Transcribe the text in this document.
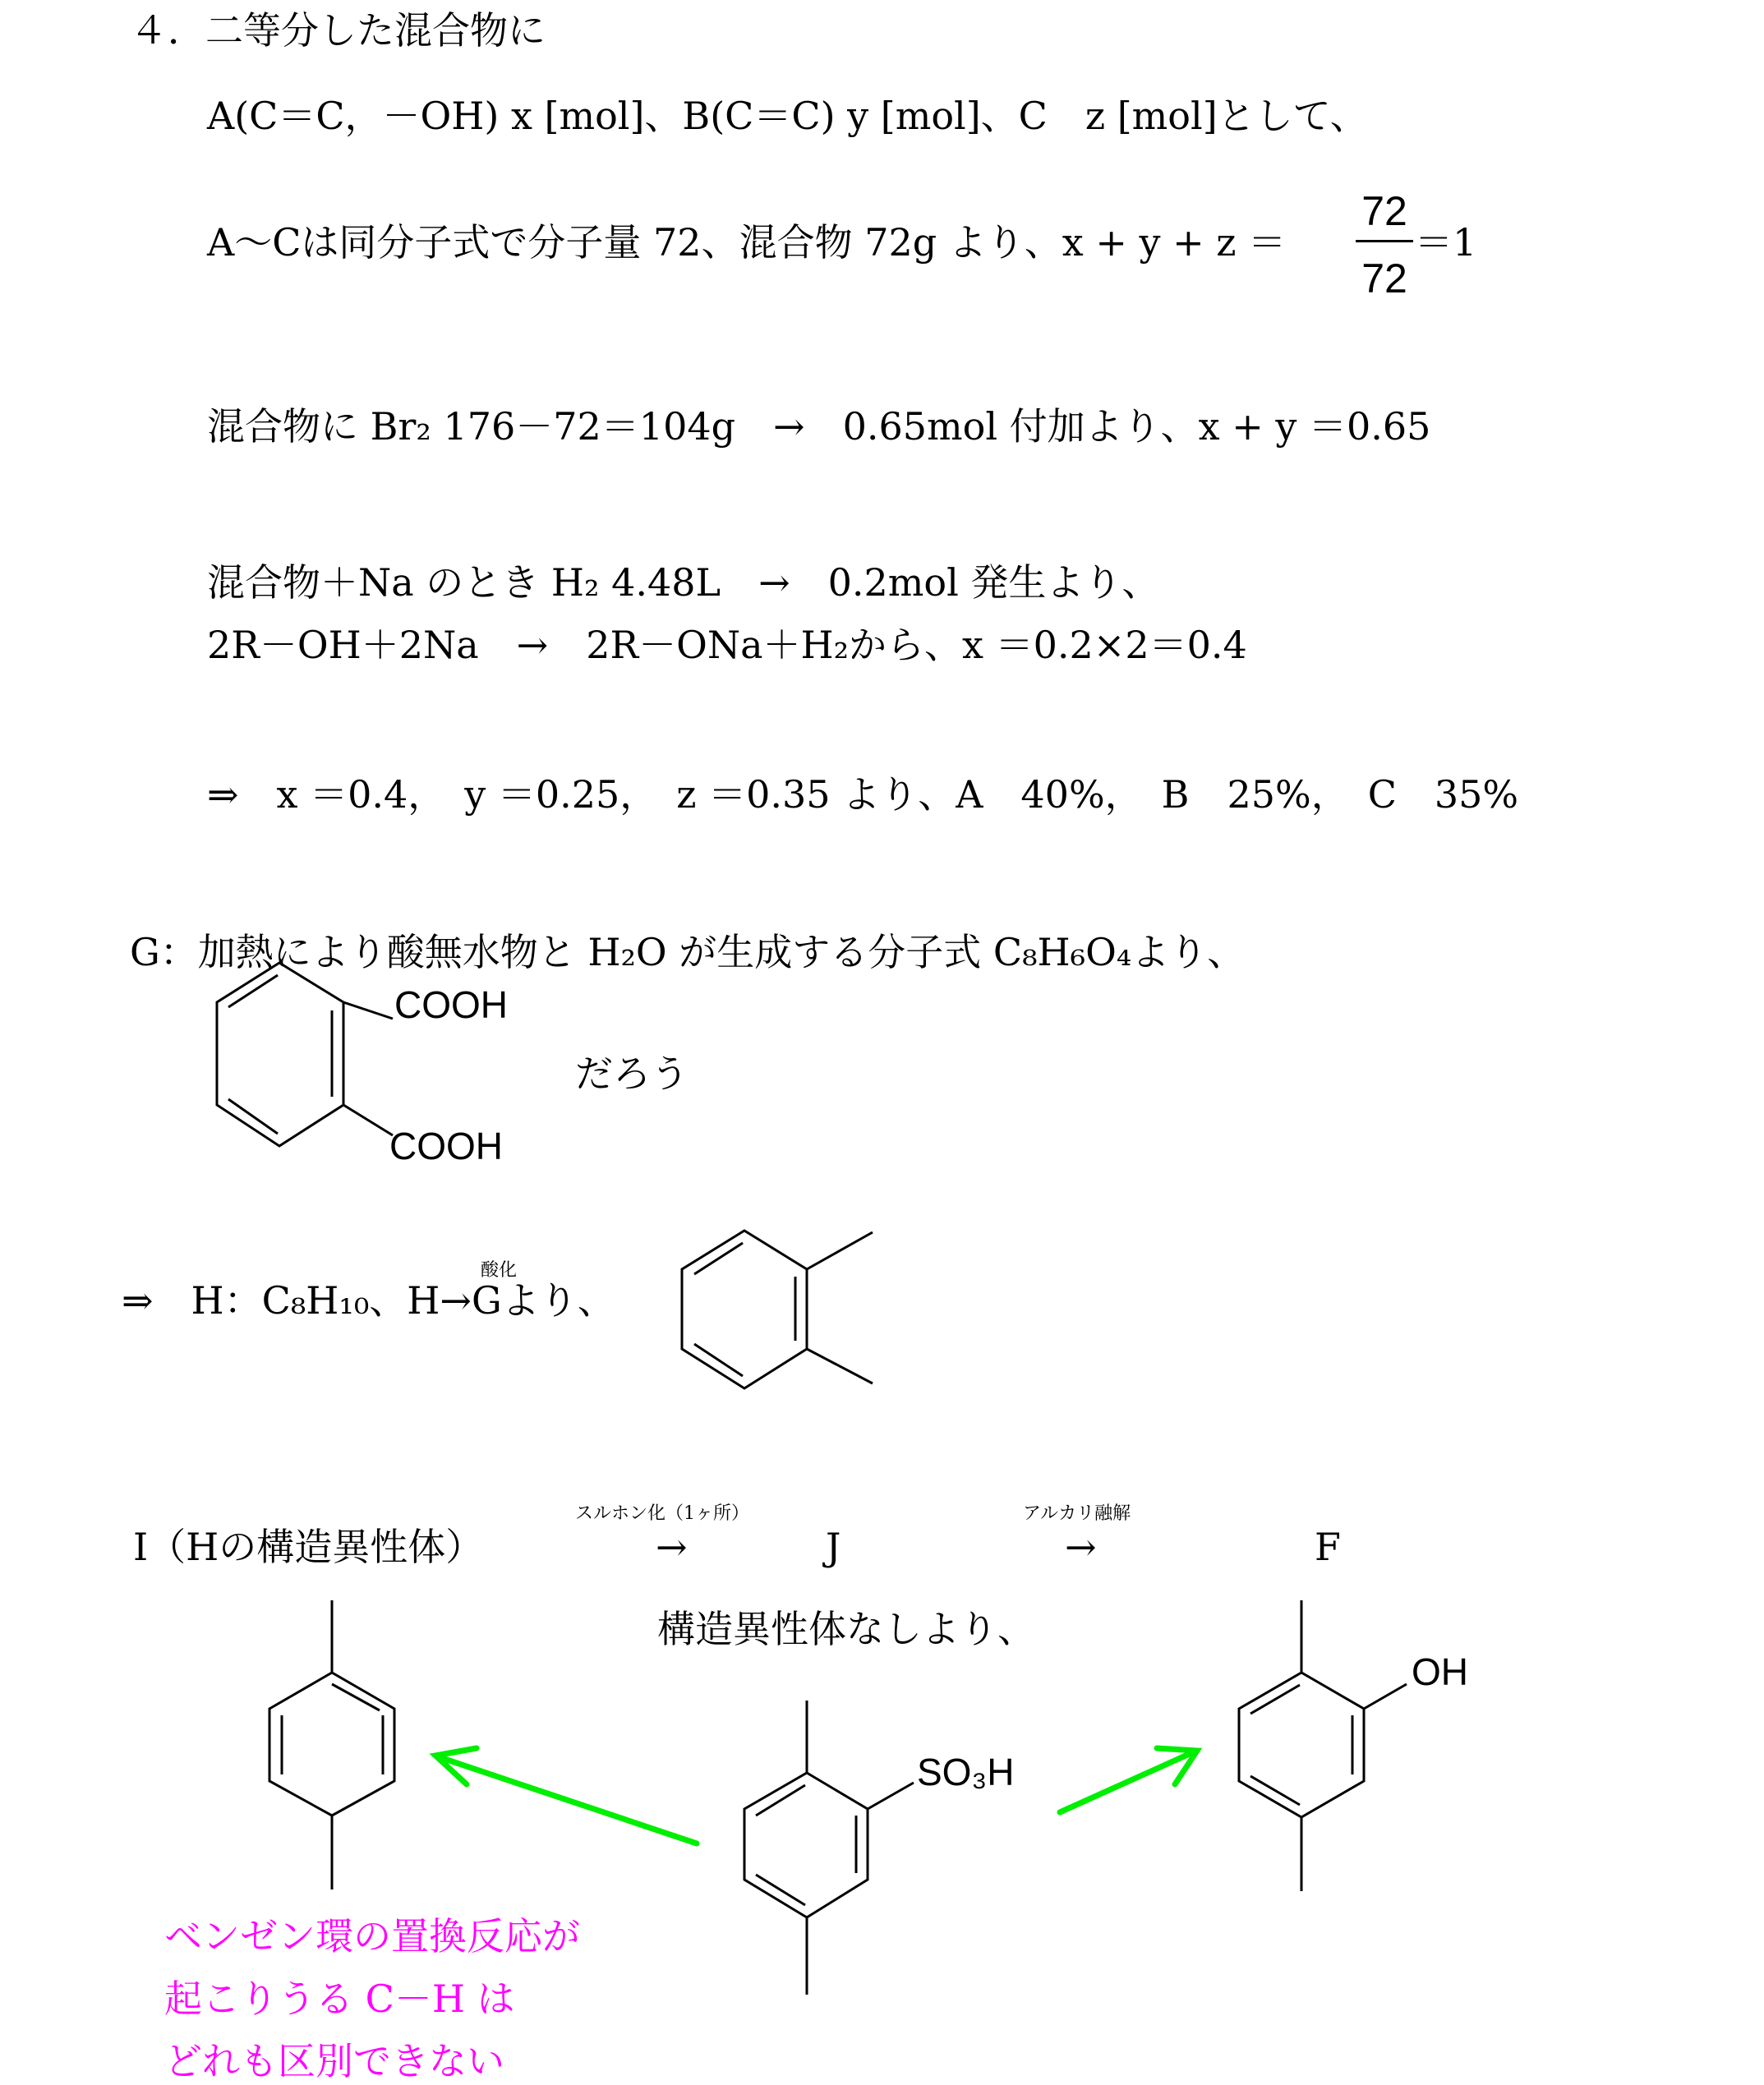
４．二等分した混合物に
A(C＝C，－OH) x [mol]、B(C＝C) y [mol]、C　z [mol]として、
A～Cは同分子式で分子量 72、混合物 72g より、x + y + z ＝
72
72
＝1
混合物に Br₂ 176－72＝104g　→　0.65mol 付加より、x + y ＝0.65
混合物＋Na のとき H₂ 4.48L　→　0.2mol 発生より、
2R－OH＋2Na　→　2R－ONa＋H₂から、x ＝0.2×2＝0.4
⇒　x ＝0.4，　y ＝0.25，　z ＝0.35 より、A　40%，　B　25%，　C　35%
G：加熱により酸無水物と H₂O が生成する分子式 C₈H₆O₄より、
COOH
COOH
だろう
酸化
⇒　H：C₈H₁₀、H→Gより、
スルホン化（1ヶ所）	アルカリ融解
I（Hの構造異性体）	→	J	→	F
構造異性体なしより、
SO₃H
OH
ベンゼン環の置換反応が
起こりうる C－H は
どれも区別できない
